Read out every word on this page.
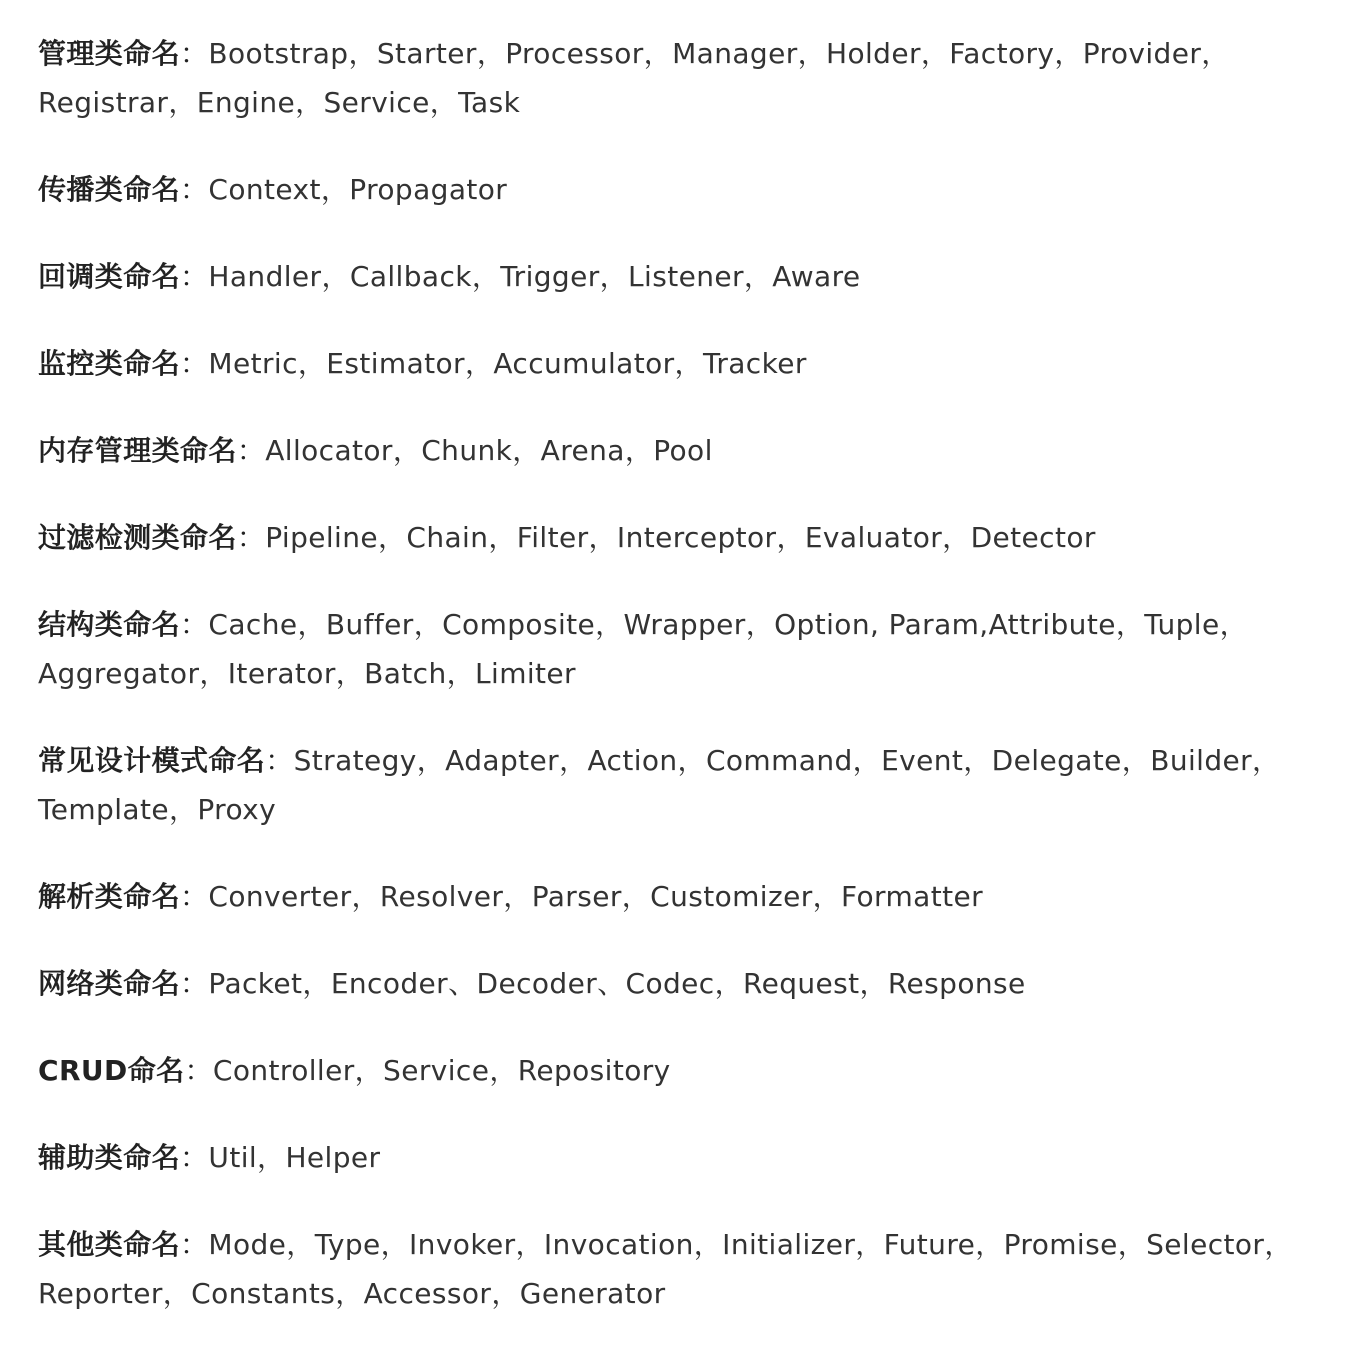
管理类命名：Bootstrap，Starter，Processor，Manager，Holder，Factory，Provider，Registrar，Engine，Service，Task

传播类命名：Context，Propagator

回调类命名：Handler，Callback，Trigger，Listener，Aware

监控类命名：Metric，Estimator，Accumulator，Tracker

内存管理类命名：Allocator，Chunk，Arena，Pool

过滤检测类命名：Pipeline，Chain，Filter，Interceptor，Evaluator，Detector

结构类命名：Cache，Buffer，Composite，Wrapper，Option, Param,Attribute，Tuple，Aggregator，Iterator，Batch，Limiter

常见设计模式命名：Strategy，Adapter，Action，Command，Event，Delegate，Builder，Template，Proxy

解析类命名：Converter，Resolver，Parser，Customizer，Formatter

网络类命名：Packet，Encoder、Decoder、Codec，Request，Response

CRUD命名：Controller，Service，Repository

辅助类命名：Util，Helper

其他类命名：Mode，Type，Invoker，Invocation，Initializer，Future，Promise，Selector，Reporter，Constants，Accessor，Generator
